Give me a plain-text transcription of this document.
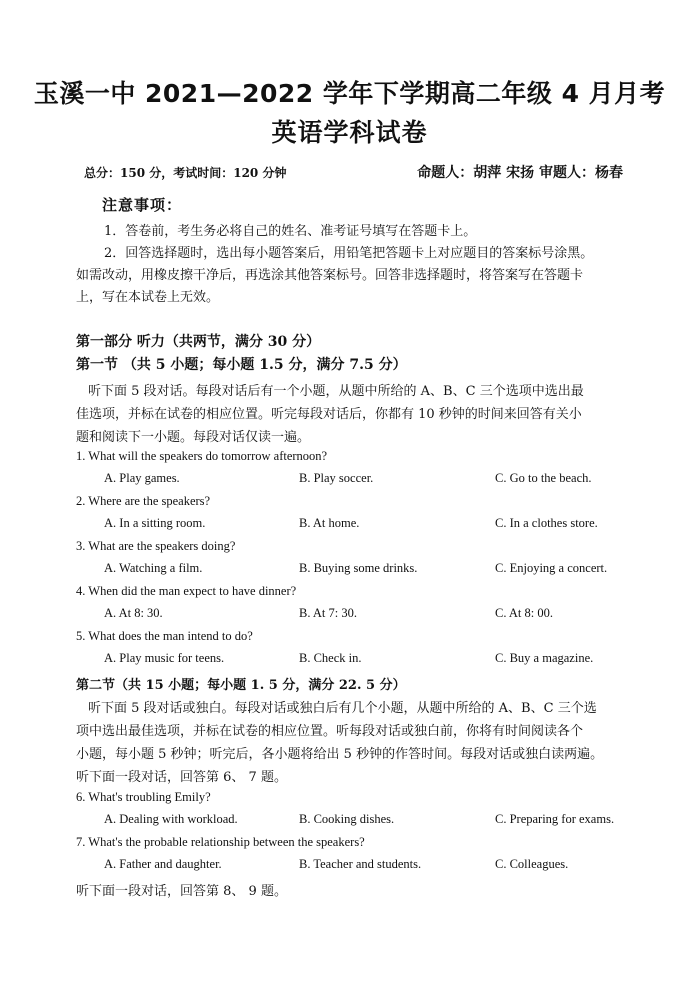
玉溪一中 2021—2022 学年下学期高二年级 4 月月考
英语学科试卷
总分：150 分，考试时间：120 分钟	命题人：胡萍 宋扬 审题人：杨春
注意事项：
1．答卷前，考生务必将自己的姓名、准考证号填写在答题卡上。
2．回答选择题时，选出每小题答案后，用铅笔把答题卡上对应题目的答案标号涂黑。
如需改动，用橡皮擦干净后，再选涂其他答案标号。回答非选择题时，将答案写在答题卡
上，写在本试卷上无效。
第一部分 听力（共两节，满分 30 分）
第一节 （共 5 小题；每小题 1.5 分，满分 7.5 分）
听下面 5 段对话。每段对话后有一个小题，从题中所给的 A、B、C 三个选项中选出最
佳选项，并标在试卷的相应位置。听完每段对话后，你都有 10 秒钟的时间来回答有关小
题和阅读下一小题。每段对话仅读一遍。
1. What will the speakers do tomorrow afternoon?
A. Play games.	B. Play soccer.	C. Go to the beach.
2. Where are the speakers?
A. In a sitting room.	B. At home.	C. In a clothes store.
3. What are the speakers doing?
A. Watching a film.	B. Buying some drinks.	C. Enjoying a concert.
4. When did the man expect to have dinner?
A. At 8: 30.	B. At 7: 30.	C. At 8: 00.
5. What does the man intend to do?
A. Play music for teens.	B. Check in.	C. Buy a magazine.
第二节（共 15 小题；每小题 1. 5 分，满分 22. 5 分）
听下面 5 段对话或独白。每段对话或独白后有几个小题，从题中所给的 A、B、C 三个选
项中选出最佳选项，并标在试卷的相应位置。听每段对话或独白前，你将有时间阅读各个
小题，每小题 5 秒钟；听完后，各小题将给出 5 秒钟的作答时间。每段对话或独白读两遍。
听下面一段对话，回答第 6、 7 题。
6. What's troubling Emily?
A. Dealing with workload.	B. Cooking dishes.	C. Preparing for exams.
7. What's the probable relationship between the speakers?
A. Father and daughter.	B. Teacher and students.	C. Colleagues.
听下面一段对话，回答第 8、 9 题。
